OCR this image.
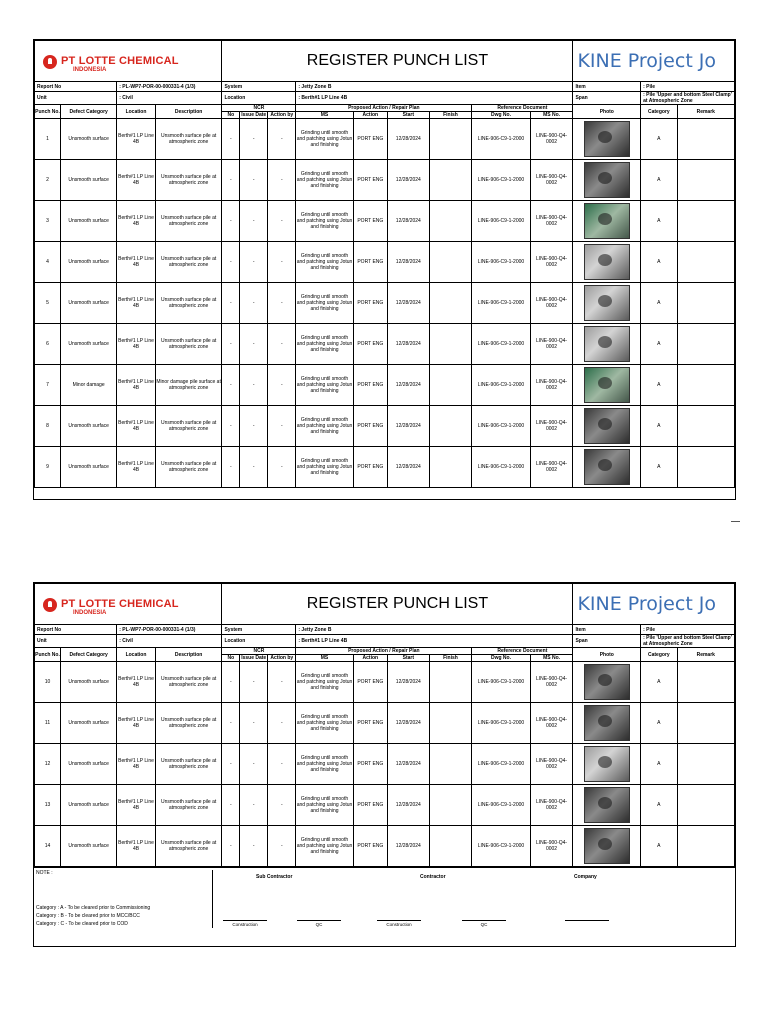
PT LOTTE CHEMICAL
INDONESIA				REGISTER PUNCH LIST									KINE Project Jo		
Report No		: PL-WP7-POR-00-000331-4 (1/3)		System			: Jetty Zone B						Item	: Pile	
Unit		: Civil		Location			: Berth#1 LP Line 4B						Span	: Pile 'Upper and bottom Steel Clamp' at Atmospheric Zone	
Punch No.	Defect Category	Location	Description	NCR			Proposed Action / Repair Plan				Reference Document		Photo	Category	Remark
				No	Issue Date	Action by	MS	Action	Start	Finish	Dwg No.	MS No.			
1	Unsmooth surface	Berth#1 LP Line 4B	Unsmooth surface pile at atmospheric zone	-	-	-	Grinding until smooth and patching using Jotun and finishing	PORT ENG	12/28/2024		LINE-906-C9-1-2000	LINE-900-Q4-0002		A	
2	Unsmooth surface	Berth#1 LP Line 4B	Unsmooth surface pile at atmospheric zone	-	-	-	Grinding until smooth and patching using Jotun and finishing	PORT ENG	12/28/2024		LINE-906-C9-1-2000	LINE-900-Q4-0002		A	
3	Unsmooth surface	Berth#1 LP Line 4B	Unsmooth surface pile at atmospheric zone	-	-	-	Grinding until smooth and patching using Jotun and finishing	PORT ENG	12/28/2024		LINE-906-C9-1-2000	LINE-900-Q4-0002		A	
4	Unsmooth surface	Berth#1 LP Line 4B	Unsmooth surface pile at atmospheric zone	-	-	-	Grinding until smooth and patching using Jotun and finishing	PORT ENG	12/28/2024		LINE-906-C9-1-2000	LINE-900-Q4-0002		A	
5	Unsmooth surface	Berth#1 LP Line 4B	Unsmooth surface pile at atmospheric zone	-	-	-	Grinding until smooth and patching using Jotun and finishing	PORT ENG	12/28/2024		LINE-906-C9-1-2000	LINE-900-Q4-0002		A	
6	Unsmooth surface	Berth#1 LP Line 4B	Unsmooth surface pile at atmospheric zone	-	-	-	Grinding until smooth and patching using Jotun and finishing	PORT ENG	12/28/2024		LINE-906-C9-1-2000	LINE-900-Q4-0002		A	
7	Minor damage	Berth#1 LP Line 4B	Minor damage pile surface at atmospheric zone	-	-	-	Grinding until smooth and patching using Jotun and finishing	PORT ENG	12/28/2024		LINE-906-C9-1-2000	LINE-900-Q4-0002		A	
8	Unsmooth surface	Berth#1 LP Line 4B	Unsmooth surface pile at atmospheric zone	-	-	-	Grinding until smooth and patching using Jotun and finishing	PORT ENG	12/28/2024		LINE-906-C9-1-2000	LINE-900-Q4-0002		A	
9	Unsmooth surface	Berth#1 LP Line 4B	Unsmooth surface pile at atmospheric zone	-	-	-	Grinding until smooth and patching using Jotun and finishing	PORT ENG	12/28/2024		LINE-906-C9-1-2000	LINE-900-Q4-0002		A	
PT LOTTE CHEMICAL
INDONESIA				REGISTER PUNCH LIST									KINE Project Jo		
Report No		: PL-WP7-POR-00-000331-4 (1/3)		System			: Jetty Zone B						Item	: Pile	
Unit		: Civil		Location			: Berth#1 LP Line 4B						Span	: Pile 'Upper and bottom Steel Clamp' at Atmospheric Zone	
Punch No.	Defect Category	Location	Description	NCR			Proposed Action / Repair Plan				Reference Document		Photo	Category	Remark
				No	Issue Date	Action by	MS	Action	Start	Finish	Dwg No.	MS No.			
10	Unsmooth surface	Berth#1 LP Line 4B	Unsmooth surface pile at atmospheric zone	-	-	-	Grinding until smooth and patching using Jotun and finishing	PORT ENG	12/28/2024		LINE-906-C9-1-2000	LINE-900-Q4-0002		A	
11	Unsmooth surface	Berth#1 LP Line 4B	Unsmooth surface pile at atmospheric zone	-	-	-	Grinding until smooth and patching using Jotun and finishing	PORT ENG	12/28/2024		LINE-906-C9-1-2000	LINE-900-Q4-0002		A	
12	Unsmooth surface	Berth#1 LP Line 4B	Unsmooth surface pile at atmospheric zone	-	-	-	Grinding until smooth and patching using Jotun and finishing	PORT ENG	12/28/2024		LINE-906-C9-1-2000	LINE-900-Q4-0002		A	
13	Unsmooth surface	Berth#1 LP Line 4B	Unsmooth surface pile at atmospheric zone	-	-	-	Grinding until smooth and patching using Jotun and finishing	PORT ENG	12/28/2024		LINE-906-C9-1-2000	LINE-900-Q4-0002		A	
14	Unsmooth surface	Berth#1 LP Line 4B	Unsmooth surface pile at atmospheric zone	-	-	-	Grinding until smooth and patching using Jotun and finishing	PORT ENG	12/28/2024		LINE-906-C9-1-2000	LINE-900-Q4-0002		A	
NOTE :
Category : A - To be cleared prior to Commissioning
Category : B - To be cleared prior to MCC/BCC
Category : C - To be cleared prior to COD
Sub Contractor	Contractor	Company
Construction	QC	Construction	QC
